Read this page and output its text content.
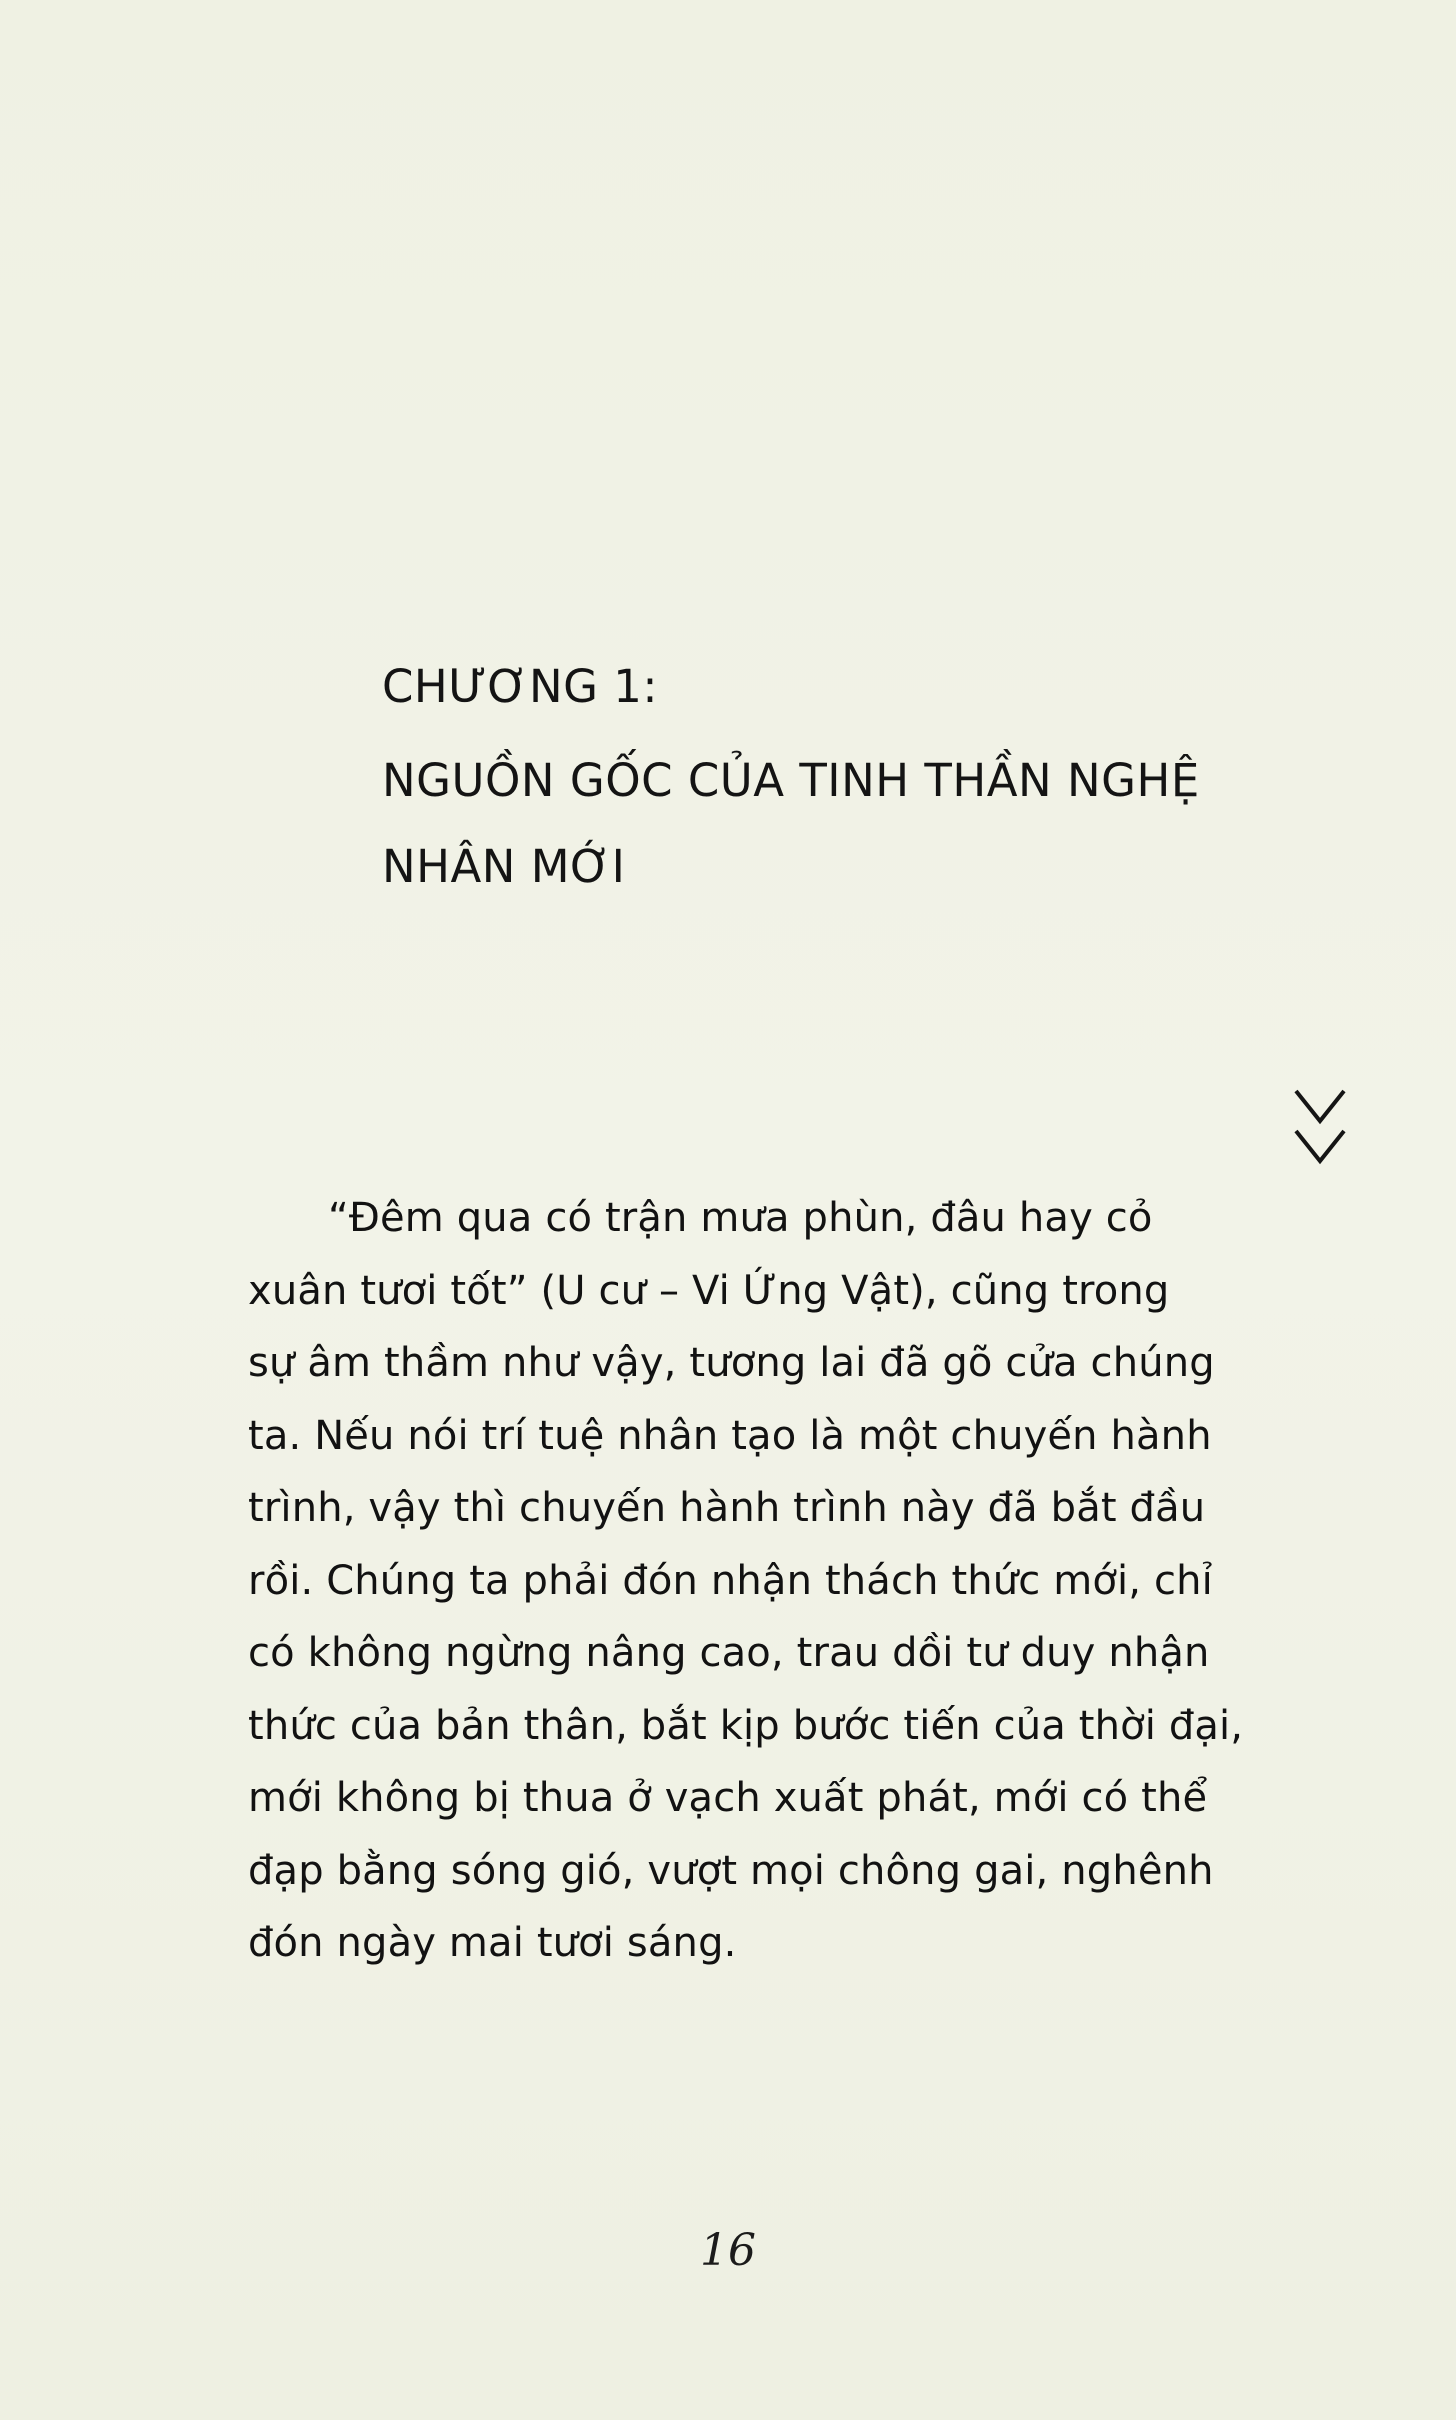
CHƯƠNG 1:
NGUỒN GỐC CỦA TINH THẦN NGHỆ
NHÂN MỚI
“Đêm qua có trận mưa phùn, đâu hay cỏ
xuân tươi tốt” (U cư – Vi Ứng Vật), cũng trong
sự âm thầm như vậy, tương lai đã gõ cửa chúng
ta. Nếu nói trí tuệ nhân tạo là một chuyến hành
trình, vậy thì chuyến hành trình này đã bắt đầu
rồi. Chúng ta phải đón nhận thách thức mới, chỉ
có không ngừng nâng cao, trau dồi tư duy nhận
thức của bản thân, bắt kịp bước tiến của thời đại,
mới không bị thua ở vạch xuất phát, mới có thể
đạp bằng sóng gió, vượt mọi chông gai, nghênh
đón ngày mai tươi sáng.
16
